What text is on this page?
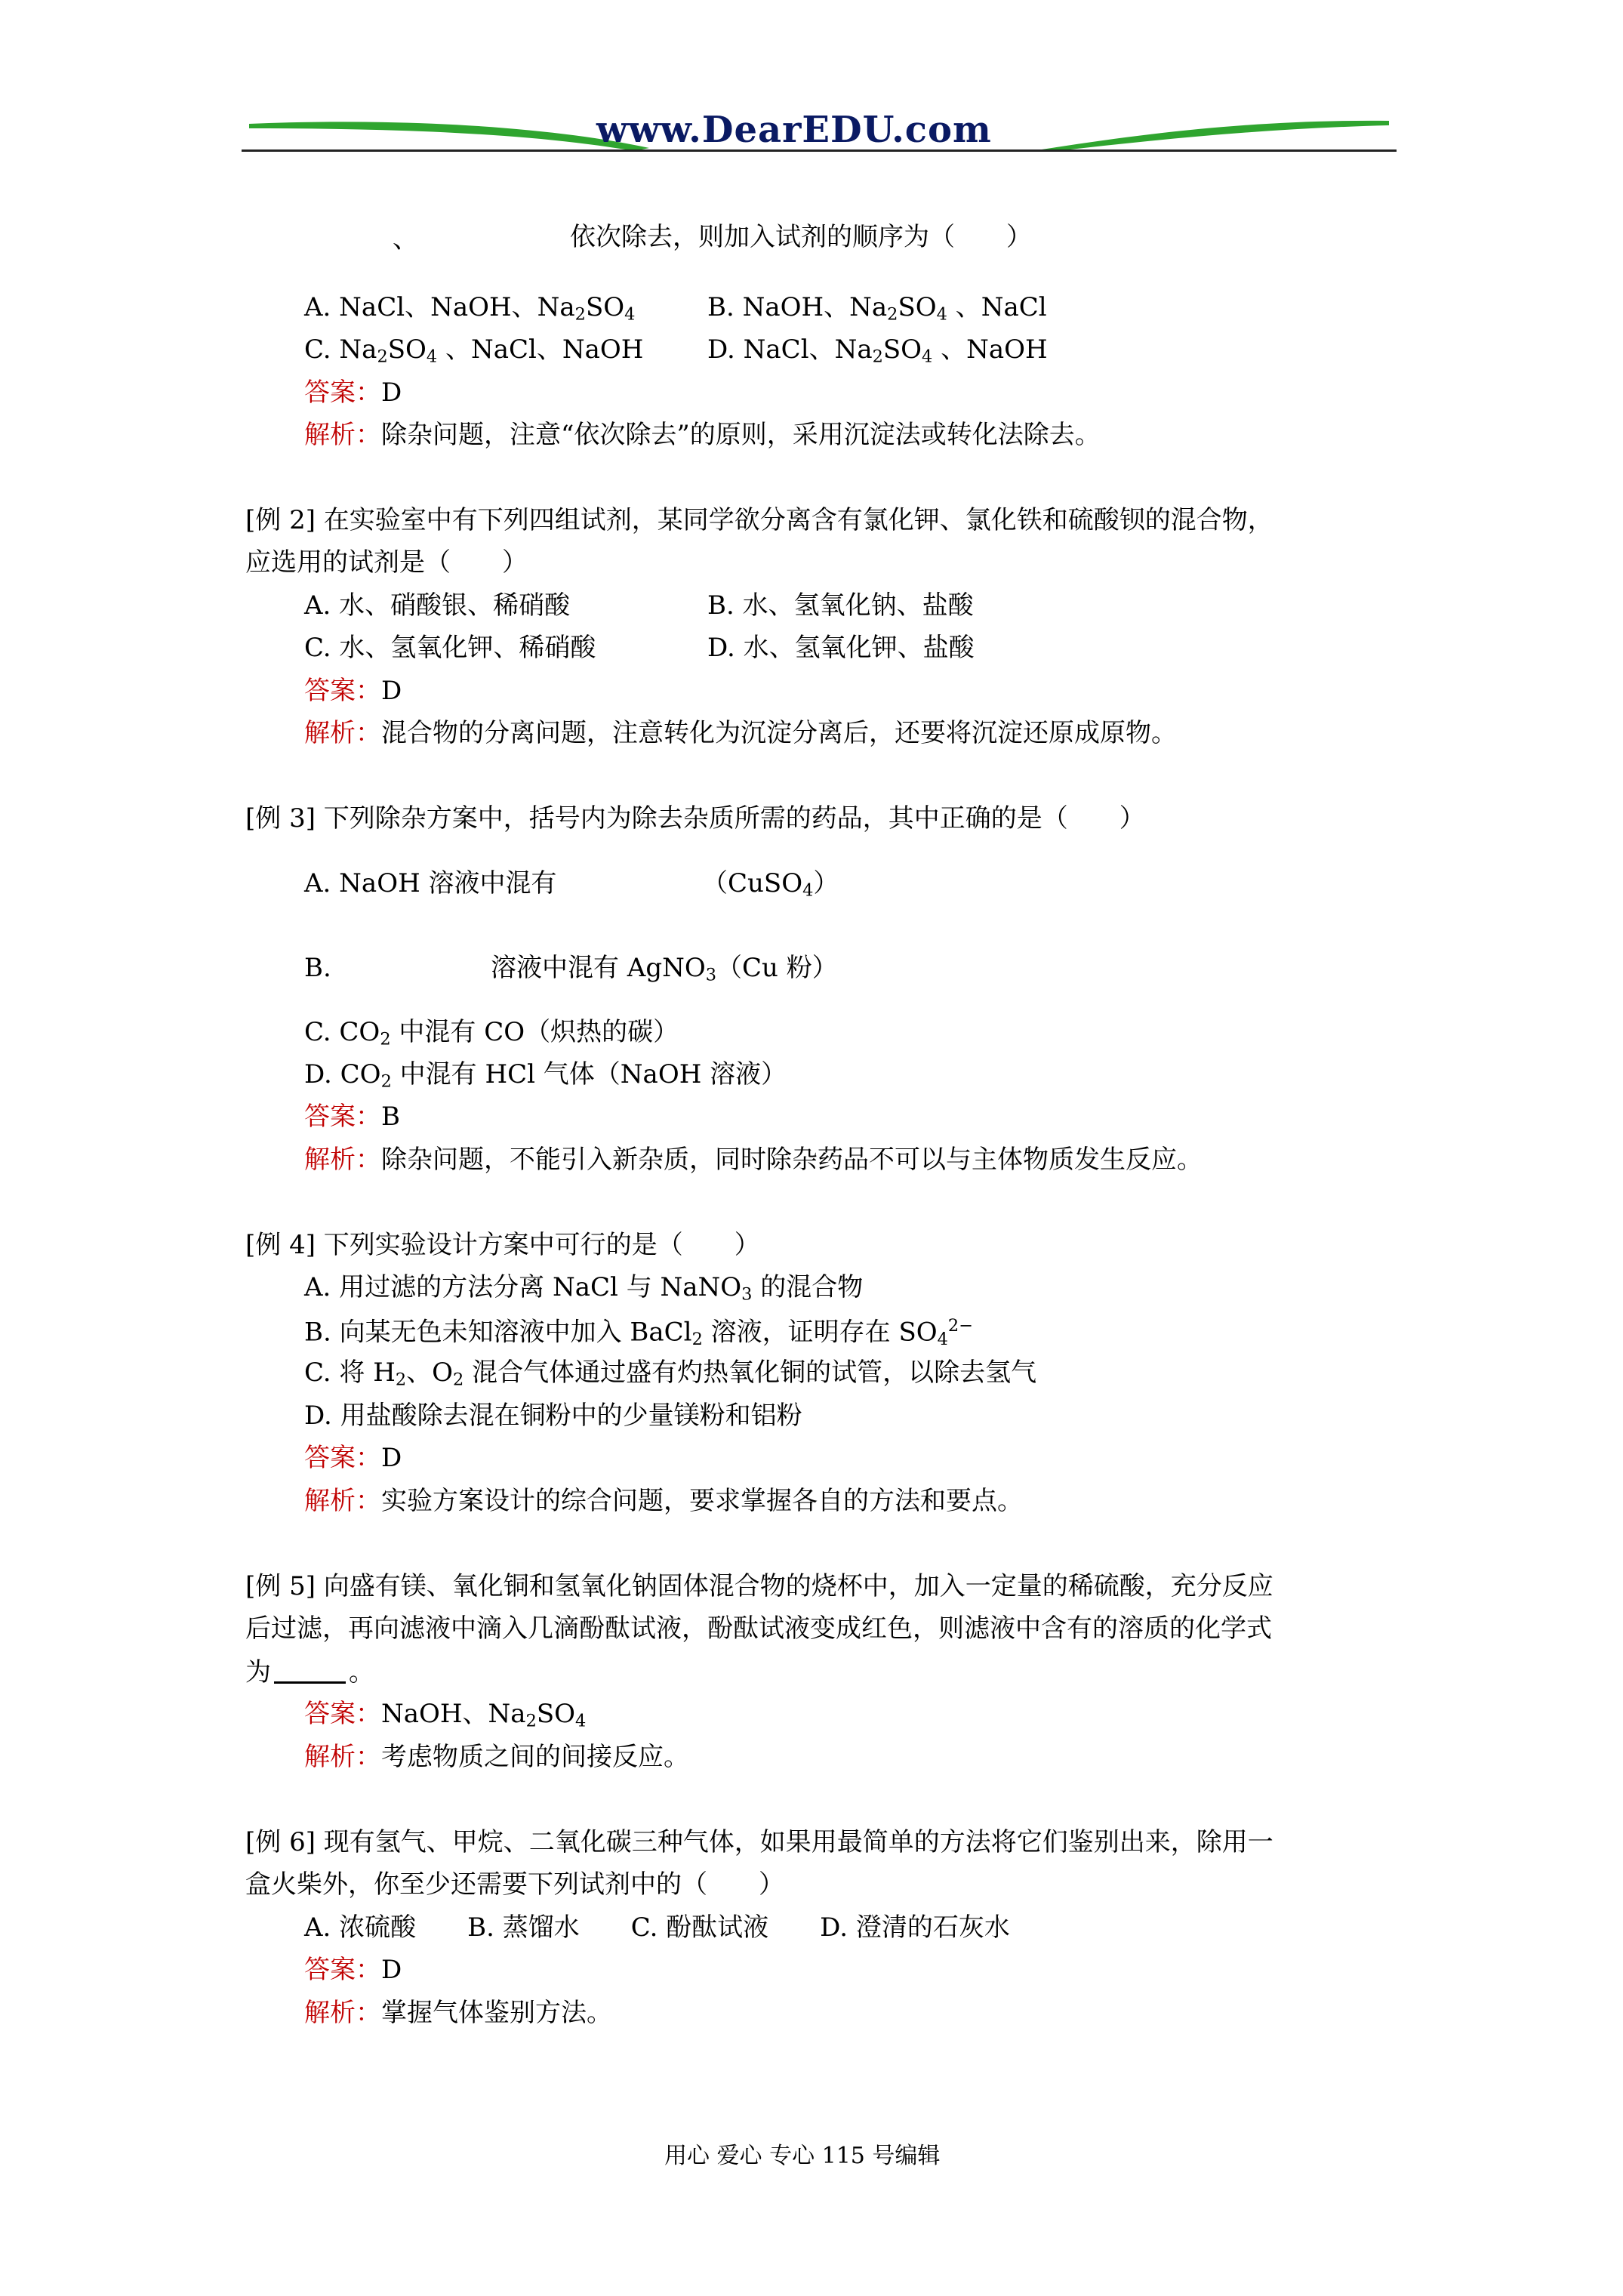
www.DearEDU.com
、	依次除去，则加入试剂的顺序为（　　）
A. NaCl、NaOH、$Na_2SO_4$	B. NaOH、$Na_2SO_4$ 、NaCl
C. $Na_2SO_4$ 、NaCl、NaOH D. NaCl、$Na_2SO_4$ 、NaOH
答案：D
解析：除杂问题，注意“依次除去”的原则，采用沉淀法或转化法除去。
[例 2] 在实验室中有下列四组试剂，某同学欲分离含有氯化钾、氯化铁和硫酸钡的混合物，
应选用的试剂是（　　）
A. 水、硝酸银、稀硝酸	B. 水、氢氧化钠、盐酸
C. 水、氢氧化钾、稀硝酸	D. 水、氢氧化钾、盐酸
答案：D
解析：混合物的分离问题，注意转化为沉淀分离后，还要将沉淀还原成原物。
[例 3] 下列除杂方案中，括号内为除去杂质所需的药品，其中正确的是（　　）
A. NaOH 溶液中混有	（CuSO$_4$）
B.	溶液中混有 AgNO$_3$（Cu 粉）
C. $CO_2$ 中混有 CO（炽热的碳）
D. $CO_2$ 中混有 HCl 气体（NaOH 溶液）
答案：B
解析：除杂问题，不能引入新杂质，同时除杂药品不可以与主体物质发生反应。
[例 4] 下列实验设计方案中可行的是（　　）
A. 用过滤的方法分离 NaCl 与 NaNO$_3$ 的混合物
B. 向某无色未知溶液中加入 BaCl$_2$ 溶液，证明存在 $SO_4^{2-}$
C. 将 $H_2$、$O_2$ 混合气体通过盛有灼热氧化铜的试管，以除去氢气
D. 用盐酸除去混在铜粉中的少量镁粉和铝粉
答案：D
解析：实验方案设计的综合问题，要求掌握各自的方法和要点。
[例 5] 向盛有镁、氧化铜和氢氧化钠固体混合物的烧杯中，加入一定量的稀硫酸，充分反应
后过滤，再向滤液中滴入几滴酚酞试液，酚酞试液变成红色，则滤液中含有的溶质的化学式
为	。
答案：NaOH、$Na_2SO_4$
解析：考虑物质之间的间接反应。
[例 6] 现有氢气、甲烷、二氧化碳三种气体，如果用最简单的方法将它们鉴别出来，除用一
盒火柴外，你至少还需要下列试剂中的（　　）
A. 浓硫酸　　B. 蒸馏水　　C. 酚酞试液　　D. 澄清的石灰水
答案：D
解析：掌握气体鉴别方法。
用心 爱心 专心 115 号编辑
